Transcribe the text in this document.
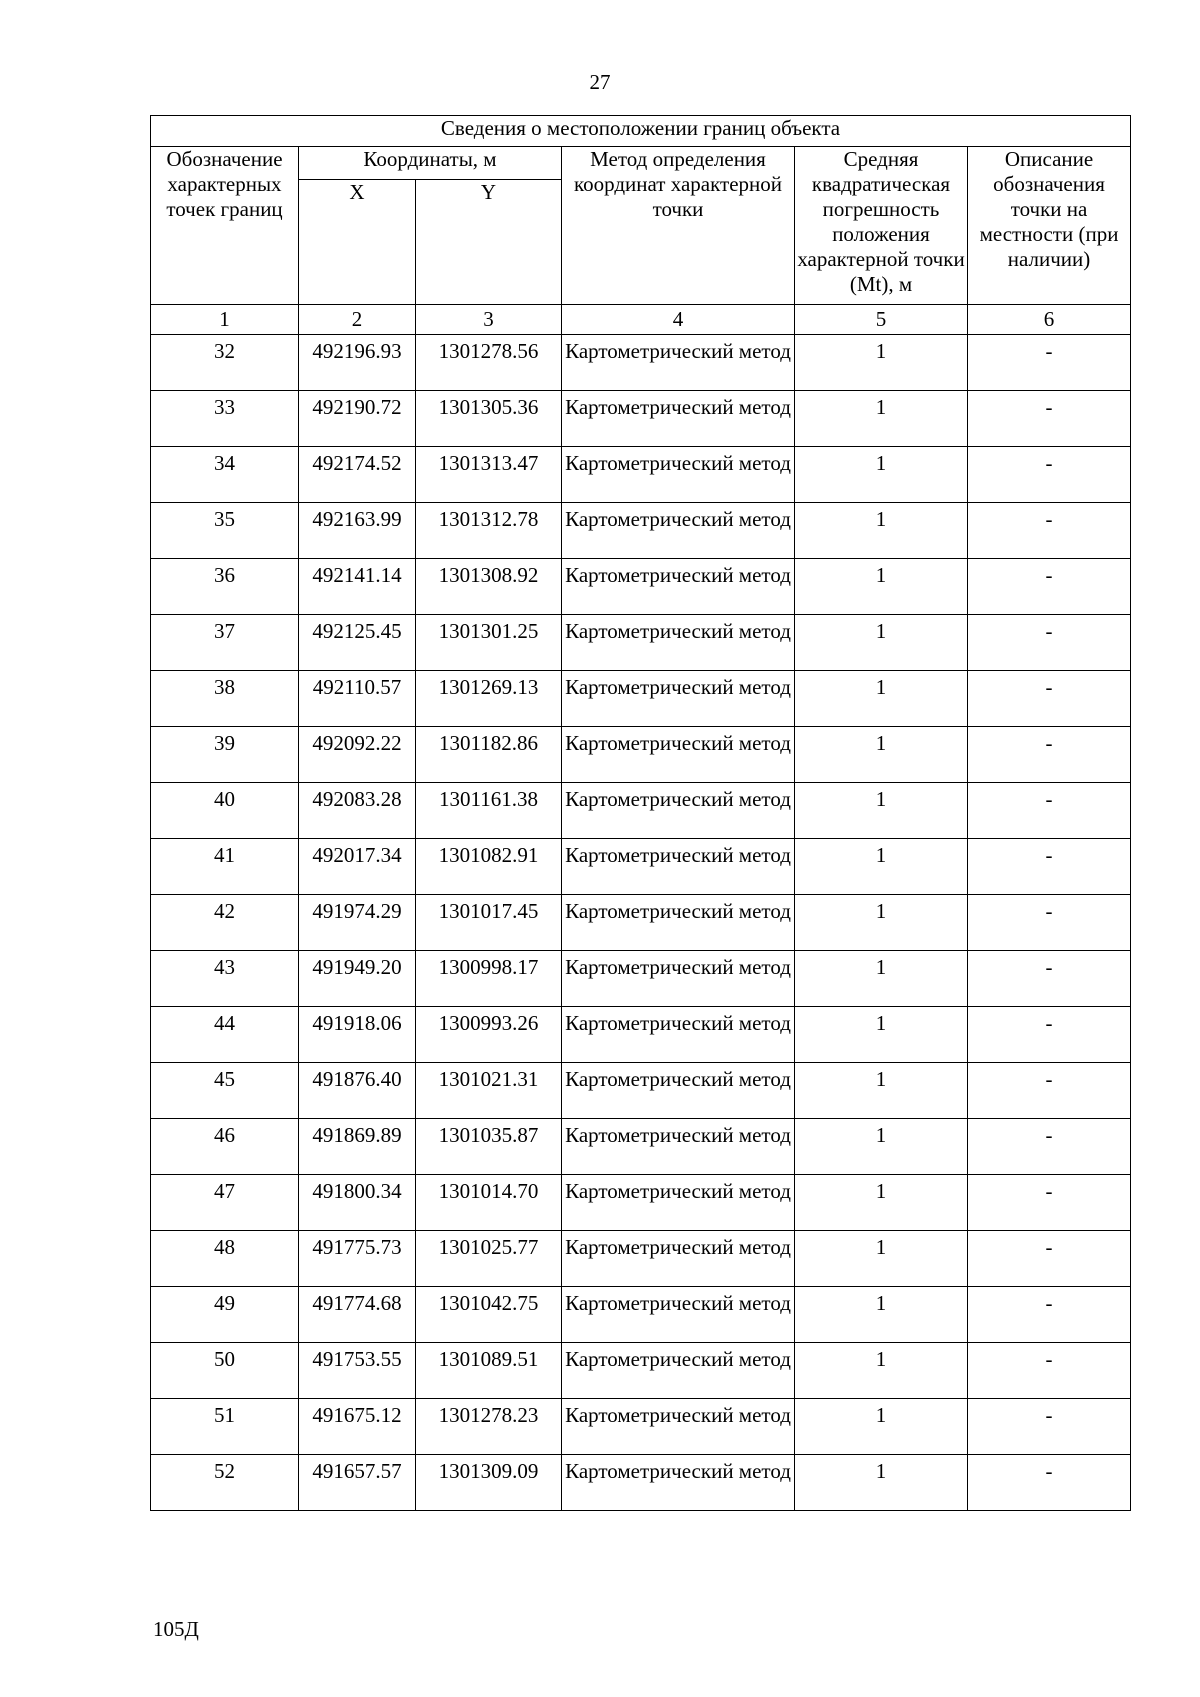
27
Сведения о местоположении границ объекта					
Обозначение характерных точек границ	Координаты, м		Метод определения координат характерной точки	Средняя квадратическая погрешность положения характерной точки (Mt), м	Описание обозначения точки на местности (при наличии)
	X	Y			
1	2	3	4	5	6
32	492196.93	1301278.56	Картометрический метод	1	-
33	492190.72	1301305.36	Картометрический метод	1	-
34	492174.52	1301313.47	Картометрический метод	1	-
35	492163.99	1301312.78	Картометрический метод	1	-
36	492141.14	1301308.92	Картометрический метод	1	-
37	492125.45	1301301.25	Картометрический метод	1	-
38	492110.57	1301269.13	Картометрический метод	1	-
39	492092.22	1301182.86	Картометрический метод	1	-
40	492083.28	1301161.38	Картометрический метод	1	-
41	492017.34	1301082.91	Картометрический метод	1	-
42	491974.29	1301017.45	Картометрический метод	1	-
43	491949.20	1300998.17	Картометрический метод	1	-
44	491918.06	1300993.26	Картометрический метод	1	-
45	491876.40	1301021.31	Картометрический метод	1	-
46	491869.89	1301035.87	Картометрический метод	1	-
47	491800.34	1301014.70	Картометрический метод	1	-
48	491775.73	1301025.77	Картометрический метод	1	-
49	491774.68	1301042.75	Картометрический метод	1	-
50	491753.55	1301089.51	Картометрический метод	1	-
51	491675.12	1301278.23	Картометрический метод	1	-
52	491657.57	1301309.09	Картометрический метод	1	-
105Д
